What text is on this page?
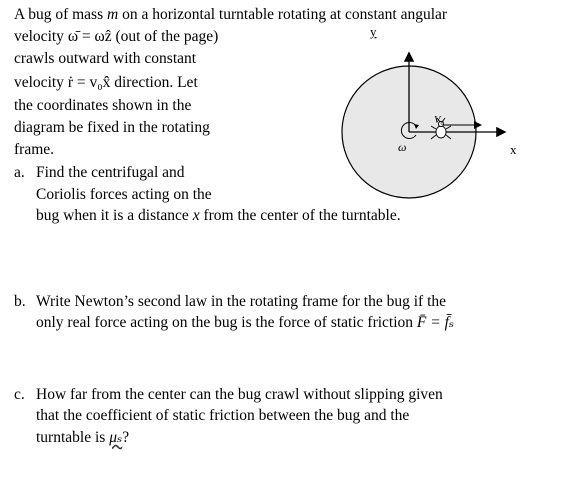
A bug of mass m on a horizontal turntable rotating at constant angular
velocity ω̄ = ωẑ (out of the page)
crawls outward with constant
velocity ṙ = v₀x̂ direction. Let
the coordinates shown in the
diagram be fixed in the rotating
frame.
y
x
V₀
ω
a. Find the centrifugal and
Coriolis forces acting on the
bug when it is a distance x from the center of the turntable.
b. Write Newton’s second law in the rotating frame for the bug if the
only real force acting on the bug is the force of static friction F̄ = f̄ₛ
c. How far from the center can the bug crawl without slipping given
that the coefficient of static friction between the bug and the
turntable is μₛ?
